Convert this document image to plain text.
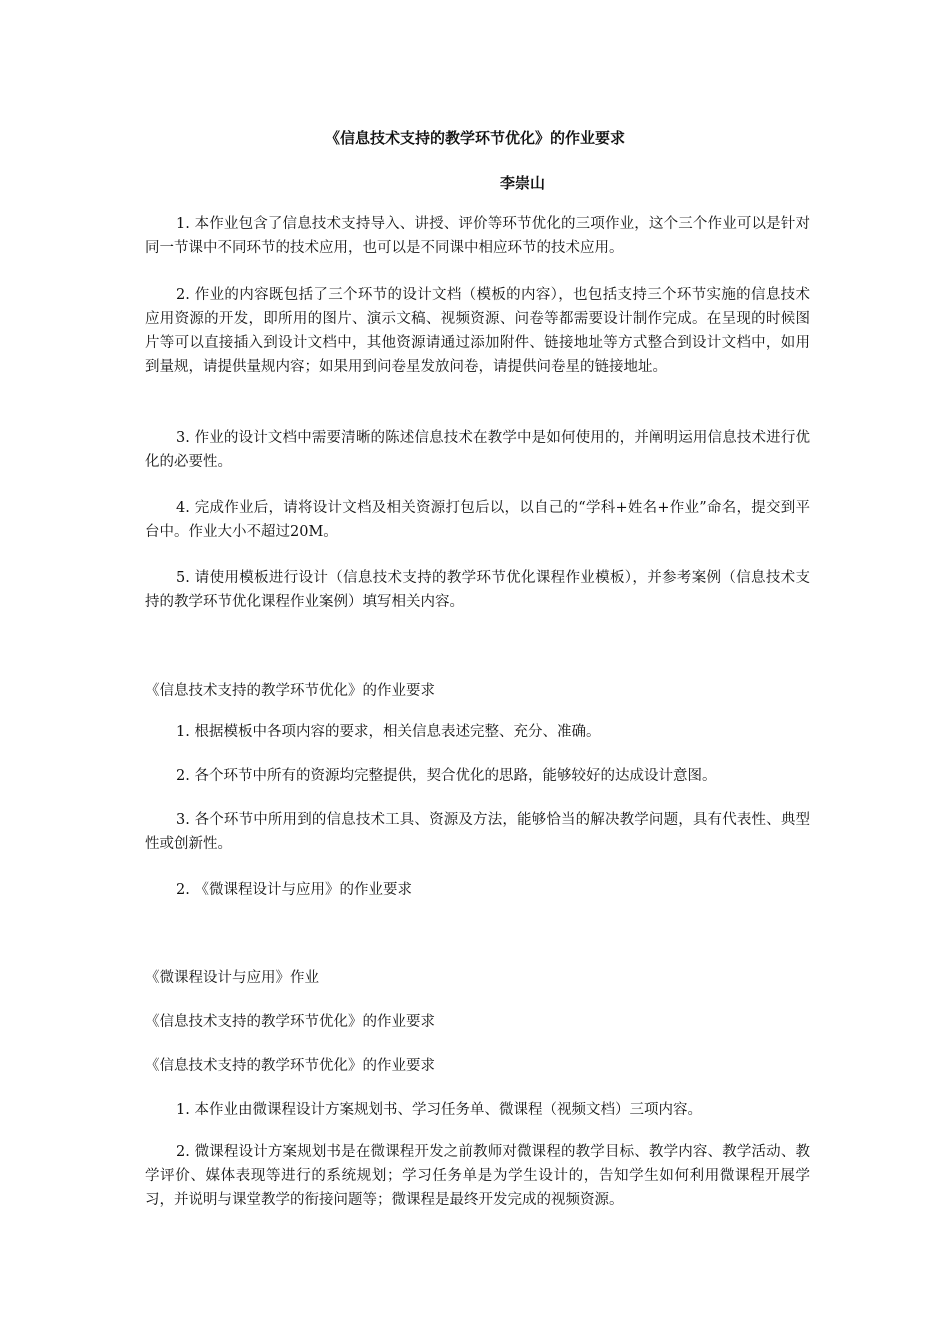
《信息技术支持的教学环节优化》的作业要求
李崇山

1. 本作业包含了信息技术支持导入、讲授、评价等环节优化的三项作业，这个三个作业可以是针对同一节课中不同环节的技术应用，也可以是不同课中相应环节的技术应用。

2. 作业的内容既包括了三个环节的设计文档（模板的内容），也包括支持三个环节实施的信息技术应用资源的开发，即所用的图片、演示文稿、视频资源、问卷等都需要设计制作完成。在呈现的时候图片等可以直接插入到设计文档中，其他资源请通过添加附件、链接地址等方式整合到设计文档中，如用到量规，请提供量规内容；如果用到问卷星发放问卷，请提供问卷星的链接地址。

3. 作业的设计文档中需要清晰的陈述信息技术在教学中是如何使用的，并阐明运用信息技术进行优化的必要性。

4. 完成作业后，请将设计文档及相关资源打包后以，以自己的“学科+姓名+作业”命名，提交到平台中。作业大小不超过20M。

5. 请使用模板进行设计（信息技术支持的教学环节优化课程作业模板），并参考案例（信息技术支持的教学环节优化课程作业案例）填写相关内容。

《信息技术支持的教学环节优化》的作业要求

1. 根据模板中各项内容的要求，相关信息表述完整、充分、准确。

2. 各个环节中所有的资源均完整提供，契合优化的思路，能够较好的达成设计意图。

3. 各个环节中所用到的信息技术工具、资源及方法，能够恰当的解决教学问题，具有代表性、典型性或创新性。

2. 《微课程设计与应用》的作业要求

《微课程设计与应用》作业
《信息技术支持的教学环节优化》的作业要求
《信息技术支持的教学环节优化》的作业要求

1. 本作业由微课程设计方案规划书、学习任务单、微课程（视频文档）三项内容。

2. 微课程设计方案规划书是在微课程开发之前教师对微课程的教学目标、教学内容、教学活动、教学评价、媒体表现等进行的系统规划；学习任务单是为学生设计的，告知学生如何利用微课程开展学习，并说明与课堂教学的衔接问题等；微课程是最终开发完成的视频资源。
